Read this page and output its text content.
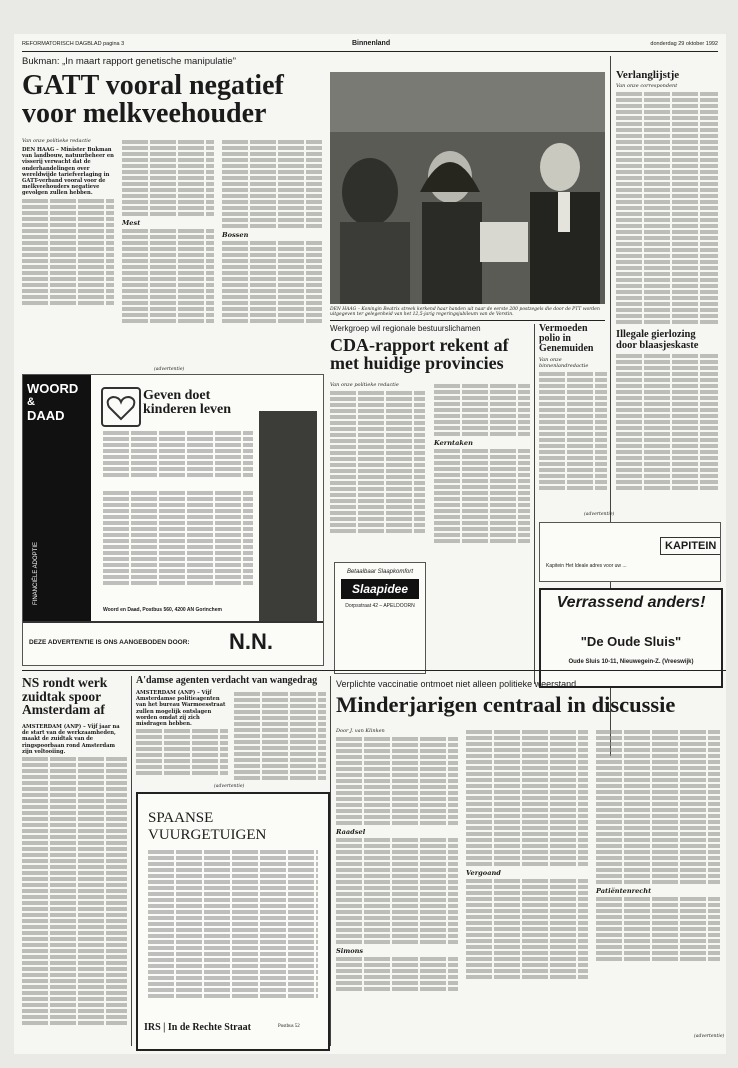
REFORMATORISCH DAGBLAD pagina 3	Binnenland	donderdag 29 oktober 1992
Bukman: „In maart rapport genetische manipulatie”
GATT vooral negatief voor melkveehouder
Van onze politieke redactie
DEN HAAG – Minister Bukman van landbouw, natuurbeheer en visserij verwacht dat de onderhandelingen over wereldwijde tariefverlaging in GATT-verband vooral voor de melkveehouders negatieve gevolgen zullen hebben.
Mest
Bossen
DEN HAAG – Koningin Beatrix streek kerkend haar handen uit naar de eerste 200 postzegels die door de PTT worden uitgegeven ter gelegenheid van het 12,5-jarig regeringsjubileum van de Vorstin.
Verlanglijstje
Van onze correspondent
Illegale gierlozing door blaasjeskaste
Werkgroep wil regionale bestuurslichamen
CDA-rapport rekent af met huidige provincies
Van onze politieke redactie
Kerntaken
Vermoeden polio in Genemuiden
Van onze binnenlandredactie
(advertentie)
WOORD
&
DAAD
FINANCIËLE ADOPTIE
Geven doet kinderen leven
Woord en Daad, Postbus 560, 4200 AN Gorinchem
DEZE ADVERTENTIE IS ONS AANGEBODEN DOOR: N.N.
Betaalbaar Slaapkomfort
Slaapidee
Dorpsstraat 42 – APELDOORN
(advertentie)
KAPITEIN
Kapitein Het Ideale adres voor uw ...
Verrassend anders!
"De Oude Sluis"
Oude Sluis 10-11, Nieuwegein-Z. (Vreeswijk)
NS rondt werk zuidtak spoor Amsterdam af
AMSTERDAM (ANP) – Vijf jaar na de start van de werkzaamheden, maakt de zuidtak van de ringspoorbaan rond Amsterdam zijn voltooiing.
A'damse agenten verdacht van wangedrag
AMSTERDAM (ANP) – Vijf Amsterdamse politieagenten van het bureau Warmoesstraat zullen mogelijk ontslagen worden omdat zij zich misdragen hebben.
(advertentie)
SPAANSE VUURGETUIGEN
IRS | In de Rechte Straat	Postbus 52
Verplichte vaccinatie ontmoet niet alleen politieke weerstand
Minderjarigen centraal in discussie
Door J. van Klinken
Raadsel
Simons
Vergoand
Patiëntenrecht
(advertentie)
